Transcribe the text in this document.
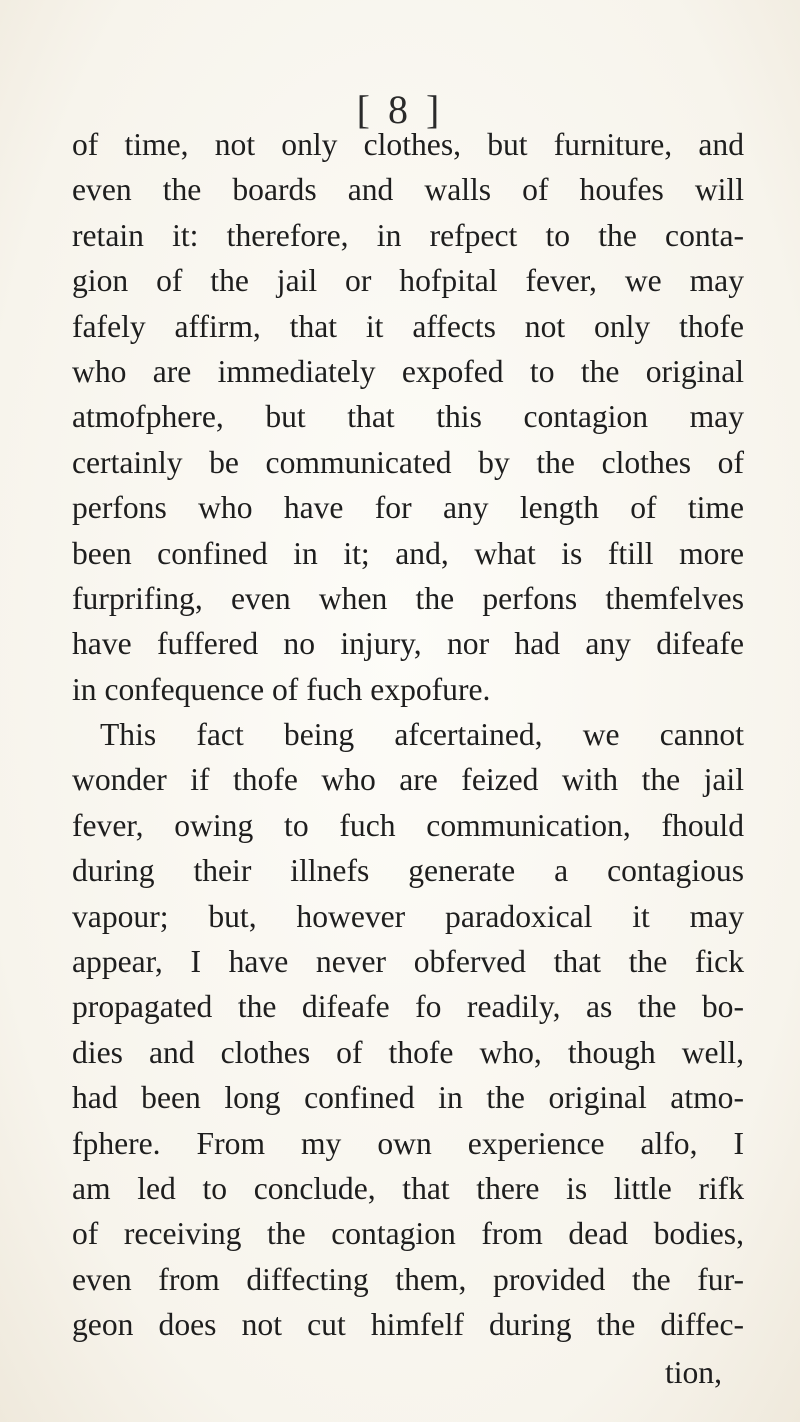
[ 8 ]
of time, not only clothes, but furniture, and
even the boards and walls of houfes will
retain it: therefore, in refpect to the conta-
gion of the jail or hofpital fever, we may
fafely affirm, that it affects not only thofe
who are immediately expofed to the original
atmofphere, but that this contagion may
certainly be communicated by the clothes of
perfons who have for any length of time
been confined in it; and, what is ftill more
furprifing, even when the perfons themfelves
have fuffered no injury, nor had any difeafe
in confequence of fuch expofure.
This fact being afcertained, we cannot
wonder if thofe who are feized with the jail
fever, owing to fuch communication, fhould
during their illnefs generate a contagious
vapour; but, however paradoxical it may
appear, I have never obferved that the fick
propagated the difeafe fo readily, as the bo-
dies and clothes of thofe who, though well,
had been long confined in the original atmo-
fphere. From my own experience alfo, I
am led to conclude, that there is little rifk
of receiving the contagion from dead bodies,
even from diffecting them, provided the fur-
geon does not cut himfelf during the diffec-
tion,
